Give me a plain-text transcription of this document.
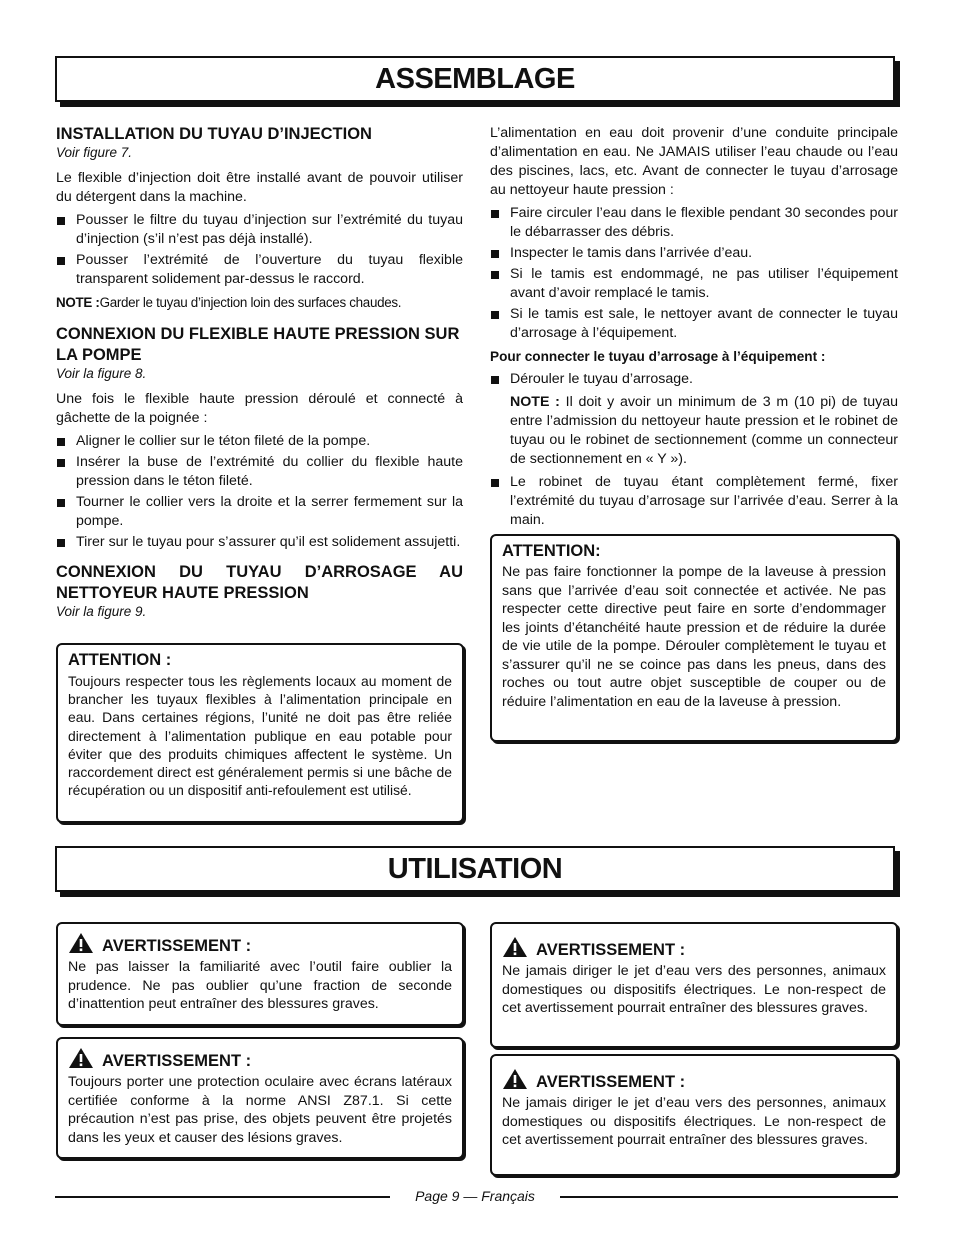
ASSEMBLAGE
INSTALLATION DU TUYAU D’INJECTION
Voir figure 7.

Le flexible d’injection doit être installé avant de pouvoir utiliser du détergent dans la machine.

Pousser le filtre du tuyau d’injection sur l’extrémité du tuyau d’injection (s’il n’est pas déjà installé).
Pousser l’extrémité de l’ouverture du tuyau flexible transparent solidement par-dessus le raccord.

NOTE :Garder le tuyau d’injection loin des surfaces chaudes.

CONNEXION DU FLEXIBLE HAUTE PRESSION SUR LA POMPE
Voir la figure 8.

Une fois le flexible haute pression déroulé et connecté à gâchette de la poignée :

Aligner le collier sur le téton fileté de la pompe.
Insérer la buse de l’extrémité du collier du flexible haute pression dans le téton fileté.
Tourner le collier vers la droite et la serrer fermement sur la pompe.
Tirer sur le tuyau pour s’assurer qu’il est solidement assujetti.
CONNEXION DU TUYAU D’ARROSAGE AU NETTOYEUR HAUTE PRESSION
Voir la figure 9.
ATTENTION :
Toujours respecter tous les règlements locaux au moment de brancher les tuyaux flexibles à l’alimentation principale en eau. Dans certaines régions, l’unité ne doit pas être reliée directement à l’alimentation publique en eau potable pour éviter que des produits chimiques affectent le système. Un raccordement direct est généralement permis si une bâche de récupération ou un dispositif anti-refoulement est utilisé.

L’alimentation en eau doit provenir d’une conduite principale d’alimentation en eau. Ne JAMAIS utiliser l’eau chaude ou l’eau des piscines, lacs, etc. Avant de connecter le tuyau d’arrosage au nettoyeur haute pression :

Faire circuler l’eau dans le flexible pendant 30 secondes pour le débarrasser des débris.
Inspecter le tamis dans l’arrivée d’eau.
Si le tamis est endommagé, ne pas utiliser l’équipement avant d’avoir remplacé le tamis.
Si le tamis est sale, le nettoyer avant de connecter le tuyau d’arrosage à l’équipement.

Pour connecter le tuyau d’arrosage à l’équipement :

Dérouler le tuyau d’arrosage.

NOTE : Il doit y avoir un minimum de 3 m (10 pi) de tuyau entre l’admission du nettoyeur haute pression et le robinet de tuyau ou le robinet de sectionnement (comme un connecteur de sectionnement en « Y »).

Le robinet de tuyau étant complètement fermé, fixer l’extrémité du tuyau d’arrosage sur l’arrivée d’eau. Serrer à la main.
ATTENTION:
Ne pas faire fonctionner la pompe de la laveuse à pression sans que l’arrivée d’eau soit connectée et activée. Ne pas respecter cette directive peut faire en sorte d’endommager les joints d’étanchéité haute pression et de réduire la durée de vie utile de la pompe. Dérouler complètement le tuyau et s’assurer qu’il ne se coince pas dans les pneus, dans des roches ou tout autre objet susceptible de couper ou de réduire l’alimentation en eau de la laveuse à pression.
UTILISATION
AVERTISSEMENT :
Ne pas laisser la familiarité avec l’outil faire oublier la prudence. Ne pas oublier qu’une fraction de seconde d’inattention peut entraîner des blessures graves.
AVERTISSEMENT :
Toujours porter une protection oculaire avec écrans latéraux certifiée conforme à la norme ANSI Z87.1. Si cette précaution n’est pas prise, des objets peuvent être projetés dans les yeux et causer des lésions graves.
AVERTISSEMENT :
Ne jamais diriger le jet d’eau vers des personnes, animaux domestiques ou dispositifs électriques. Le non-respect de cet avertissement pourrait entraîner des blessures graves.
AVERTISSEMENT :
Ne jamais diriger le jet d’eau vers des personnes, animaux domestiques ou dispositifs électriques. Le non-respect de cet avertissement pourrait entraîner des blessures graves.
Page 9 — Français
